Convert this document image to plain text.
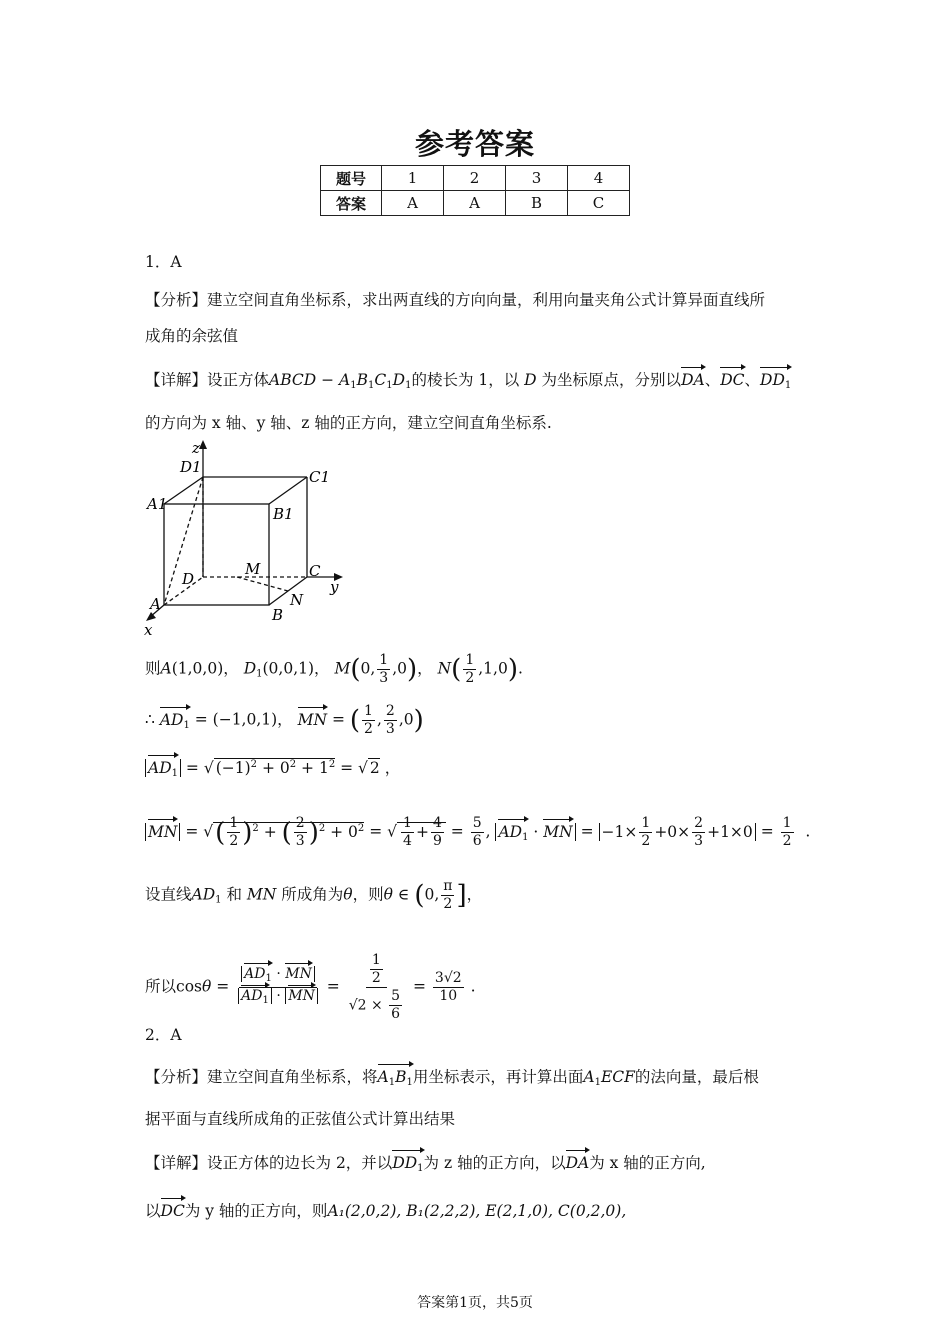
参考答案
题号	1	2	3	4
答案	A	A	B	C
1．A
【分析】建立空间直角坐标系，求出两直线的方向向量，利用向量夹角公式计算异面直线所
成角的余弦值
【详解】设正方体ABCD − $A_1B_1C_1D_1$的棱长为 1，以 D 为坐标原点，分别以DA、DC、$DD_1$
的方向为 x 轴、y 轴、z 轴的正方向，建立空间直角坐标系.
z
D1
C1
A1
B1
M	C
D	y
A	N
B
x
则A(1,0,0)， $D_1(0,0,1)$， M(0, $\frac{1}{3} ,0$)， $N( \frac{1}{2} ,1,0)$.
∴ $AD_1 = (-1,0,1)$， MN = ( $\frac{1}{2}$ , $\frac{2}{3} ,0$)
$AD_1$ = √ $(-1)^2 + 0^2 + 1^2$ = √ 2 ，
MN = √( $\frac{1}{2} )^2$ + ( $\frac{2}{3} )^2 + 0^2$ = √ $\frac{1}{4} + \frac{4}{9} = \frac{5}{6}$ , $AD_1$ · MN = $-1\times \frac{1}{2} +0\times \frac{2}{3} +1\times 0 = \frac{1}{2}$ .
设直线$AD_1$ 和 MN 所成角为θ，则θ ∈ (0, $\frac{\pi}{2}$ ]，
所以$\cos\theta = \frac{AD_1 \cdot MN}{AD_1 \cdot MN} = \frac{\frac{1}{2}}{√2 \times \frac{5}{6}} = \frac{3√2}{10}$ .
2．A
【分析】建立空间直角坐标系，将$A_1B_1$用坐标表示，再计算出面$A_1ECF$的法向量，最后根
据平面与直线所成角的正弦值公式计算出结果
【详解】设正方体的边长为 2，并以$DD_1$为 z 轴的正方向，以DA为 x 轴的正方向,
以DC为 y 轴的正方向，则A₁(2,0,2), B₁(2,2,2), E(2,1,0), C(0,2,0),
答案第1页，共5页
